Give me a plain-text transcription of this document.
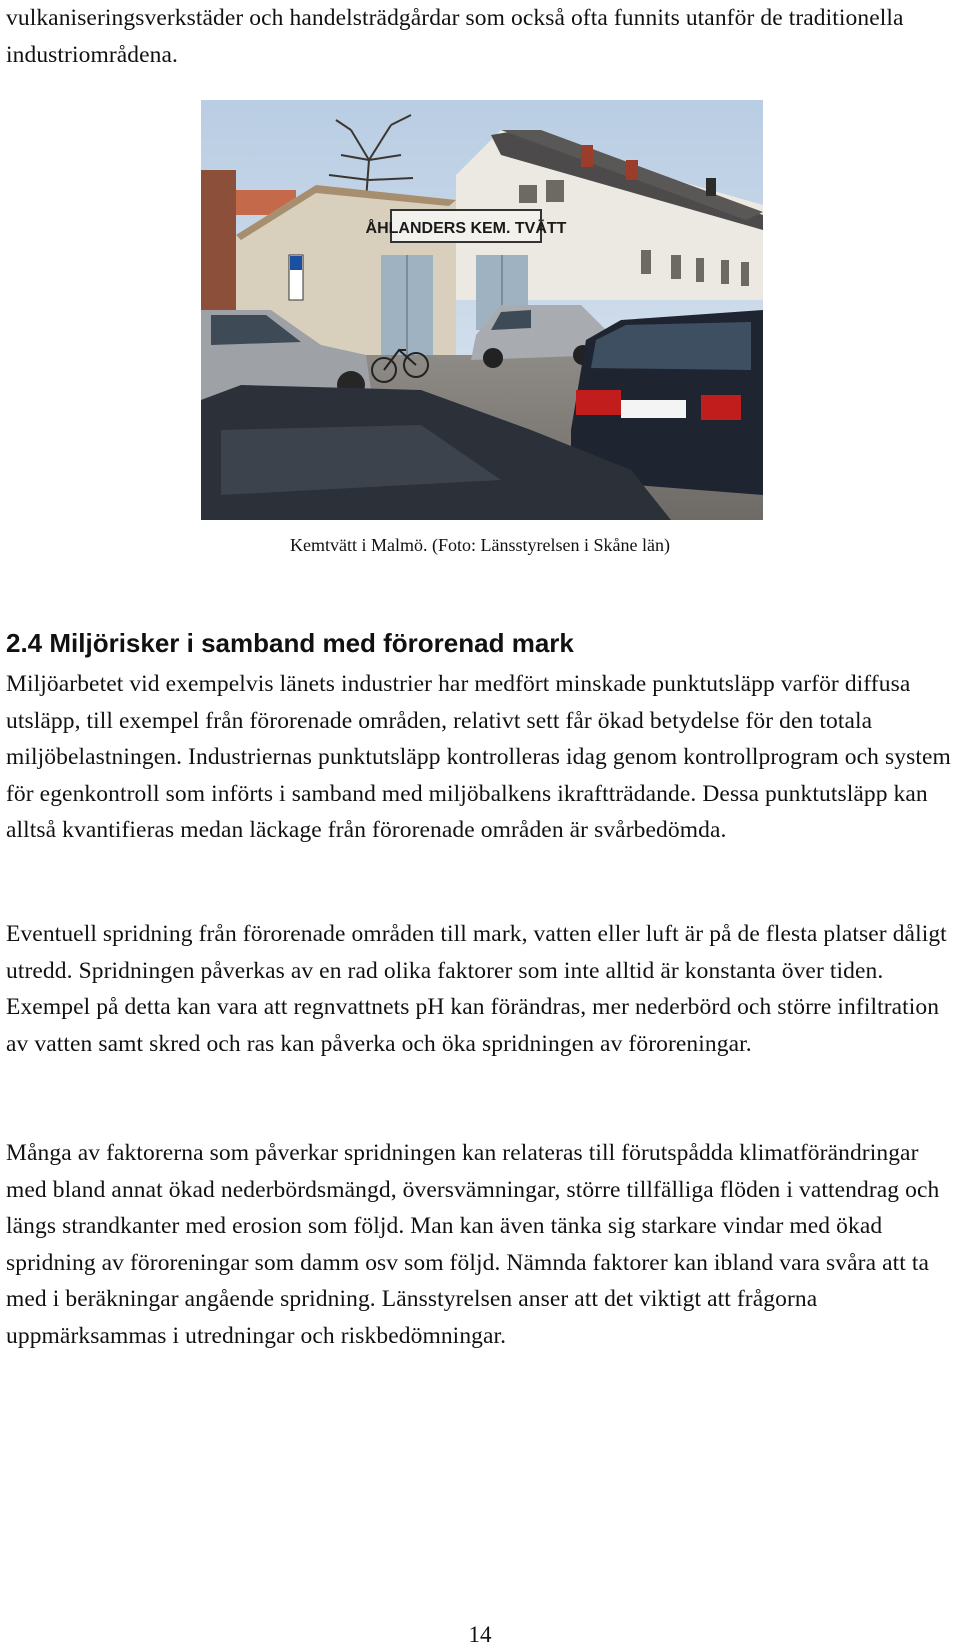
vulkaniseringsverkstäder och handelsträdgårdar som också ofta funnits utanför de traditionella industriområdena.

ÅHLANDERS KEM. TVÄTT
Kemtvätt i Malmö. (Foto: Länsstyrelsen i Skåne län)
2.4 Miljörisker i samband med förorenad mark

Miljöarbetet vid exempelvis länets industrier har medfört minskade punktutsläpp varför diffusa utsläpp, till exempel från förorenade områden, relativt sett får ökad betydelse för den totala miljöbelastningen. Industriernas punktutsläpp kontrolleras idag genom kontrollprogram och system för egenkontroll som införts i samband med miljöbalkens ikraftträdande. Dessa punktutsläpp kan alltså kvantifieras medan läckage från förorenade områden är svårbedömda.

Eventuell spridning från förorenade områden till mark, vatten eller luft är på de flesta platser dåligt utredd. Spridningen påverkas av en rad olika faktorer som inte alltid är konstanta över tiden. Exempel på detta kan vara att regnvattnets pH kan förändras, mer nederbörd och större infiltration av vatten samt skred och ras kan påverka och öka spridningen av föroreningar.

Många av faktorerna som påverkar spridningen kan relateras till förutspådda klimatförändringar med bland annat ökad nederbördsmängd, översvämningar, större tillfälliga flöden i vattendrag och längs strandkanter med erosion som följd. Man kan även tänka sig starkare vindar med ökad spridning av föroreningar som damm osv som följd. Nämnda faktorer kan ibland vara svåra att ta med i beräkningar angående spridning. Länsstyrelsen anser att det viktigt att frågorna uppmärksammas i utredningar och riskbedömningar.

14
